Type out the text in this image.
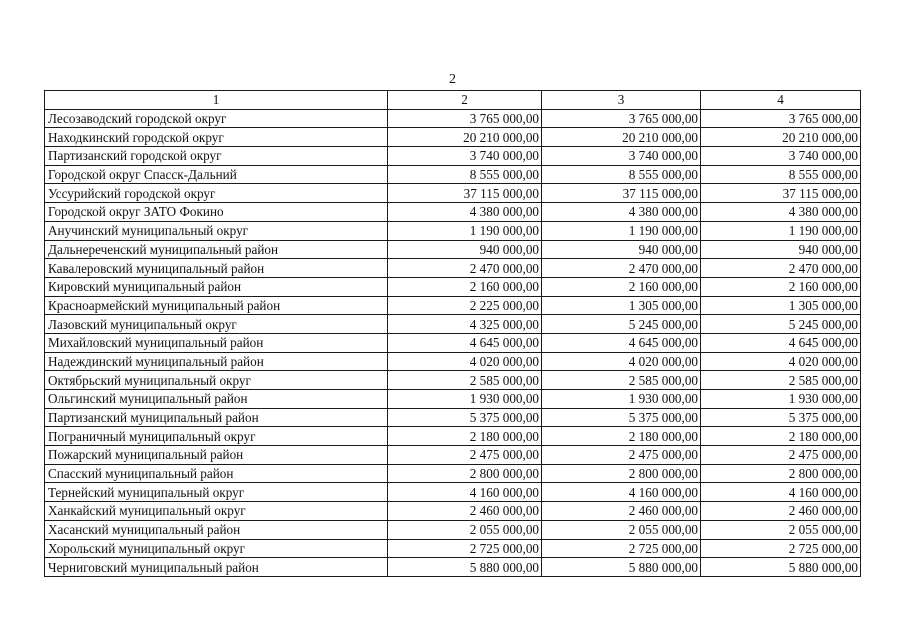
2
1	2	3	4
Лесозаводский городской округ	3 765 000,00	3 765 000,00	3 765 000,00
Находкинский городской округ	20 210 000,00	20 210 000,00	20 210 000,00
Партизанский городской округ	3 740 000,00	3 740 000,00	3 740 000,00
Городской округ Спасск-Дальний	8 555 000,00	8 555 000,00	8 555 000,00
Уссурийский городской округ	37 115 000,00	37 115 000,00	37 115 000,00
Городской округ ЗАТО Фокино	4 380 000,00	4 380 000,00	4 380 000,00
Анучинский муниципальный округ	1 190 000,00	1 190 000,00	1 190 000,00
Дальнереченский муниципальный район	940 000,00	940 000,00	940 000,00
Кавалеровский муниципальный район	2 470 000,00	2 470 000,00	2 470 000,00
Кировский муниципальный район	2 160 000,00	2 160 000,00	2 160 000,00
Красноармейский муниципальный район	2 225 000,00	1 305 000,00	1 305 000,00
Лазовский муниципальный округ	4 325 000,00	5 245 000,00	5 245 000,00
Михайловский муниципальный район	4 645 000,00	4 645 000,00	4 645 000,00
Надеждинский муниципальный район	4 020 000,00	4 020 000,00	4 020 000,00
Октябрьский муниципальный округ	2 585 000,00	2 585 000,00	2 585 000,00
Ольгинский муниципальный район	1 930 000,00	1 930 000,00	1 930 000,00
Партизанский муниципальный район	5 375 000,00	5 375 000,00	5 375 000,00
Пограничный муниципальный округ	2 180 000,00	2 180 000,00	2 180 000,00
Пожарский муниципальный район	2 475 000,00	2 475 000,00	2 475 000,00
Спасский муниципальный район	2 800 000,00	2 800 000,00	2 800 000,00
Тернейский муниципальный округ	4 160 000,00	4 160 000,00	4 160 000,00
Ханкайский муниципальный округ	2 460 000,00	2 460 000,00	2 460 000,00
Хасанский муниципальный район	2 055 000,00	2 055 000,00	2 055 000,00
Хорольский муниципальный округ	2 725 000,00	2 725 000,00	2 725 000,00
Черниговский муниципальный район	5 880 000,00	5 880 000,00	5 880 000,00
